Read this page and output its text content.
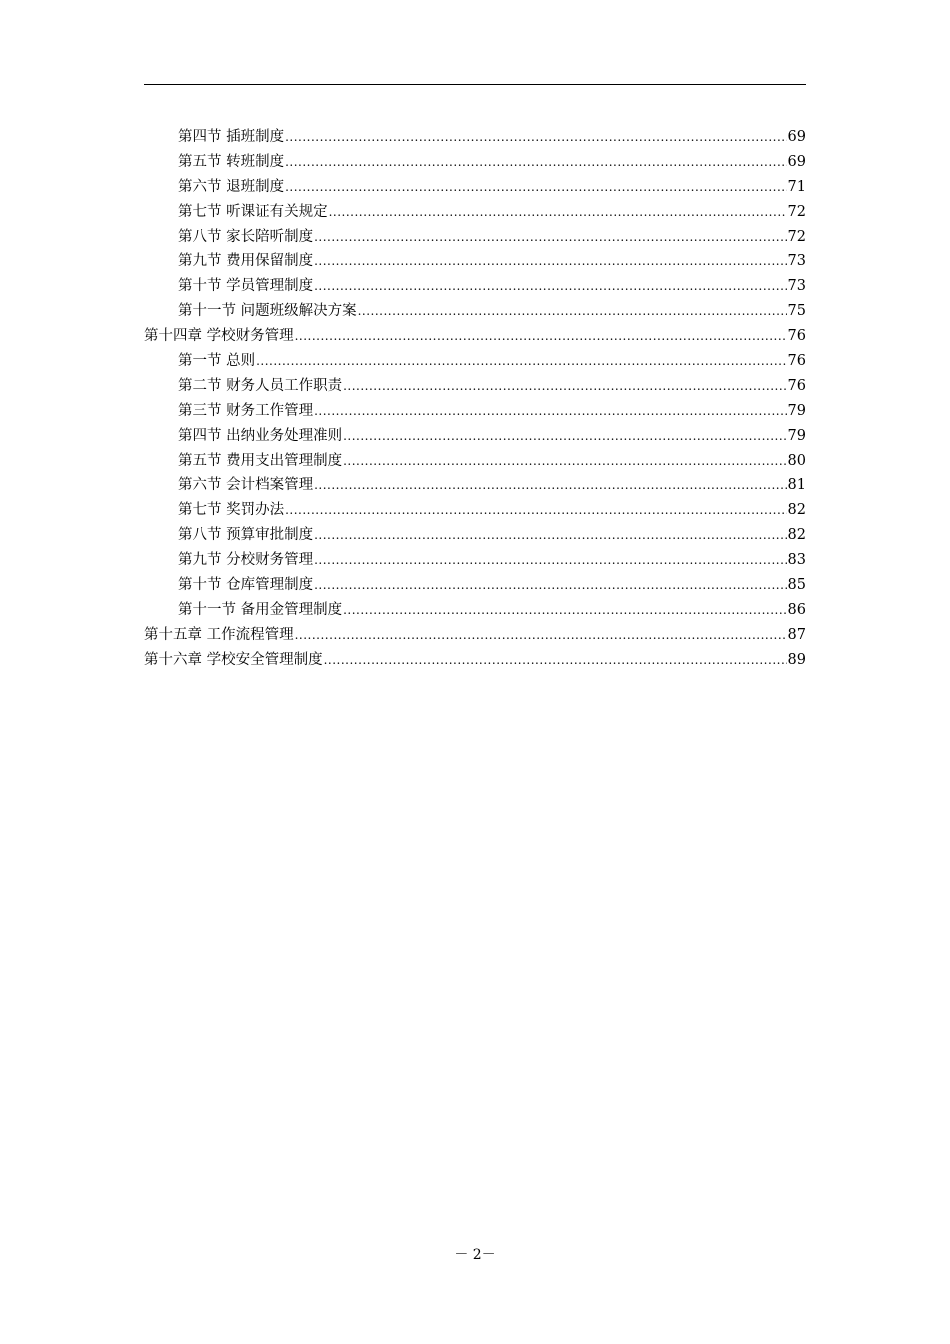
第四节 插班制度 .....	69
第五节 转班制度 .....	69
第六节 退班制度 .....	71
第七节 听课证有关规定 .....	72
第八节 家长陪听制度 .....	72
第九节 费用保留制度 .....	73
第十节 学员管理制度 .....	73
第十一节 问题班级解决方案 .....	75
第十四章 学校财务管理 .....	76
第一节 总则 .....	76
第二节 财务人员工作职责 .....	76
第三节 财务工作管理 .....	79
第四节 出纳业务处理准则 .....	79
第五节 费用支出管理制度 .....	80
第六节 会计档案管理 .....	81
第七节 奖罚办法 .....	82
第八节 预算审批制度 .....	82
第九节 分校财务管理 .....	83
第十节 仓库管理制度 .....	85
第十一节 备用金管理制度 .....	86
第十五章 工作流程管理 .....	87
第十六章 学校安全管理制度 .....	89
－ 2－
